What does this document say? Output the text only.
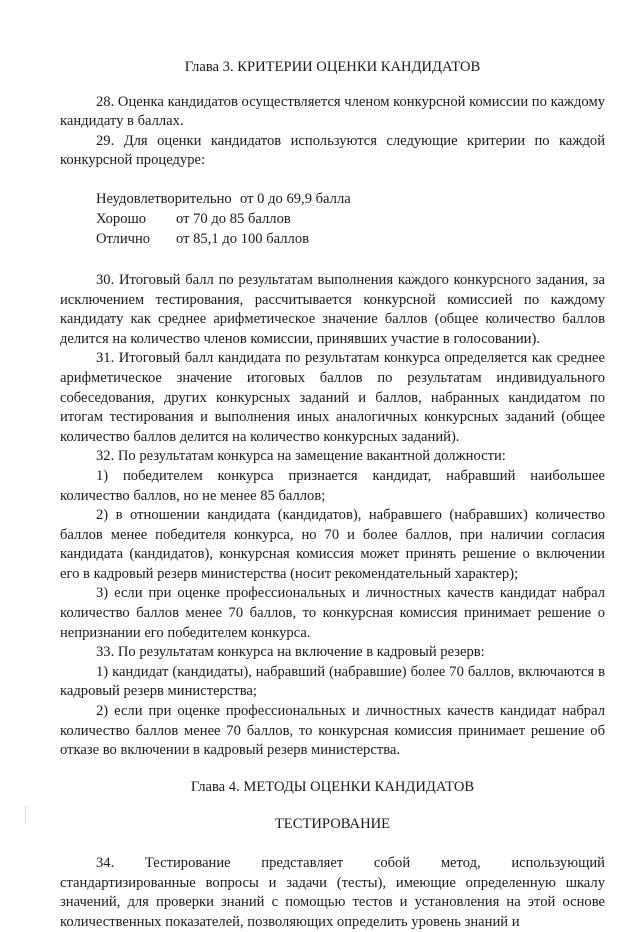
Глава 3. КРИТЕРИИ ОЦЕНКИ КАНДИДАТОВ

28. Оценка кандидатов осуществляется членом конкурсной комиссии по каждому кандидату в баллах.

29. Для оценки кандидатов используются следующие критерии по каждой конкурсной процедуре:

Неудовлетворительно от 0 до 69,9 балла
Хорошо	от 70 до 85 баллов
Отлично	от 85,1 до 100 баллов

30. Итоговый балл по результатам выполнения каждого конкурсного задания, за исключением тестирования, рассчитывается конкурсной комиссией по каждому кандидату как среднее арифметическое значение баллов (общее количество баллов делится на количество членов комиссии, принявших участие в голосовании).

31. Итоговый балл кандидата по результатам конкурса определяется как среднее арифметическое значение итоговых баллов по результатам индивидуального собеседования, других конкурсных заданий и баллов, набранных кандидатом по итогам тестирования и выполнения иных аналогичных конкурсных заданий (общее количество баллов делится на количество конкурсных заданий).

32. По результатам конкурса на замещение вакантной должности:

1) победителем конкурса признается кандидат, набравший наибольшее количество баллов, но не менее 85 баллов;

2) в отношении кандидата (кандидатов), набравшего (набравших) количество баллов менее победителя конкурса, но 70 и более баллов, при наличии согласия кандидата (кандидатов), конкурсная комиссия может принять решение о включении его в кадровый резерв министерства (носит рекомендательный характер);

3) если при оценке профессиональных и личностных качеств кандидат набрал количество баллов менее 70 баллов, то конкурсная комиссия принимает решение о непризнании его победителем конкурса.

33. По результатам конкурса на включение в кадровый резерв:

1) кандидат (кандидаты), набравший (набравшие) более 70 баллов, включаются в кадровый резерв министерства;

2) если при оценке профессиональных и личностных качеств кандидат набрал количество баллов менее 70 баллов, то конкурсная комиссия принимает решение об отказе во включении в кадровый резерв министерства.

Глава 4. МЕТОДЫ ОЦЕНКИ КАНДИДАТОВ
ТЕСТИРОВАНИЕ

34. Тестирование представляет собой метод, использующий стандартизированные вопросы и задачи (тесты), имеющие определенную шкалу значений, для проверки знаний с помощью тестов и установления на этой основе количественных показателей, позволяющих определить уровень знаний и
